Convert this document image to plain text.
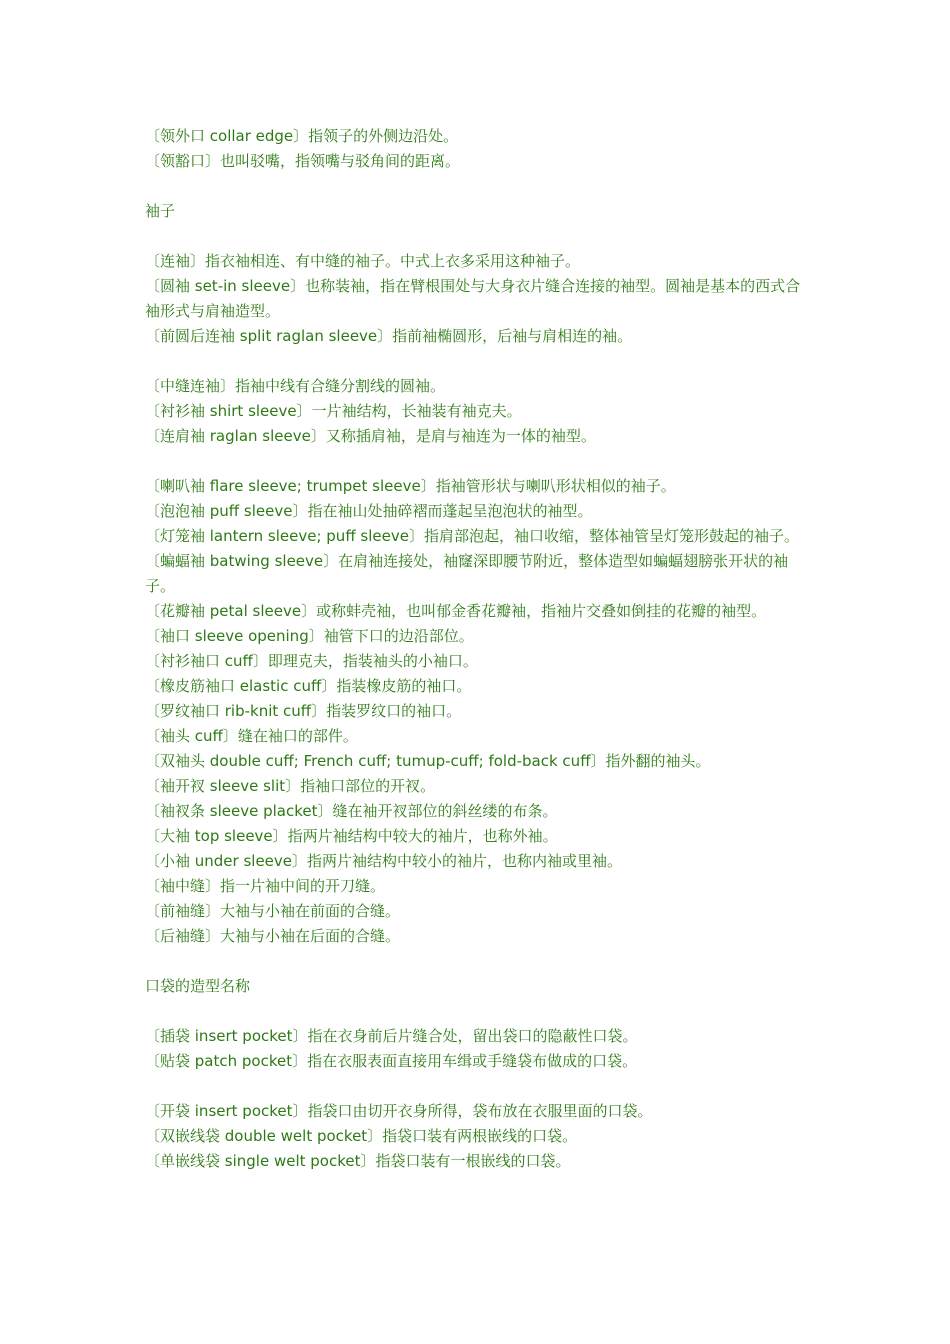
〔领外口 collar edge〕指领子的外侧边沿处。
〔领豁口〕也叫驳嘴，指领嘴与驳角间的距离。
袖子
〔连袖〕指衣袖相连、有中缝的袖子。中式上衣多采用这种袖子。
〔圆袖 set-in sleeve〕也称装袖，指在臂根围处与大身衣片缝合连接的袖型。圆袖是基本的西式合袖形式与肩袖造型。
〔前圆后连袖 split raglan sleeve〕指前袖椭圆形，后袖与肩相连的袖。
〔中缝连袖〕指袖中线有合缝分割线的圆袖。
〔衬衫袖 shirt sleeve〕一片袖结构，长袖装有袖克夫。
〔连肩袖 raglan sleeve〕又称插肩袖，是肩与袖连为一体的袖型。
〔喇叭袖 flare sleeve; trumpet sleeve〕指袖管形状与喇叭形状相似的袖子。
〔泡泡袖 puff sleeve〕指在袖山处抽碎褶而蓬起呈泡泡状的袖型。
〔灯笼袖 lantern sleeve; puff sleeve〕指肩部泡起，袖口收缩，整体袖管呈灯笼形鼓起的袖子。
〔蝙蝠袖 batwing sleeve〕在肩袖连接处，袖窿深即腰节附近，整体造型如蝙蝠翅膀张开状的袖子。
〔花瓣袖 petal sleeve〕或称蚌壳袖，也叫郁金香花瓣袖，指袖片交叠如倒挂的花瓣的袖型。
〔袖口 sleeve opening〕袖管下口的边沿部位。
〔衬衫袖口 cuff〕即理克夫，指装袖头的小袖口。
〔橡皮筋袖口 elastic cuff〕指装橡皮筋的袖口。
〔罗纹袖口 rib-knit cuff〕指装罗纹口的袖口。
〔袖头 cuff〕缝在袖口的部件。
〔双袖头 double cuff; French cuff; tumup-cuff; fold-back cuff〕指外翻的袖头。
〔袖开衩 sleeve slit〕指袖口部位的开衩。
〔袖衩条 sleeve placket〕缝在袖开衩部位的斜丝缕的布条。
〔大袖 top sleeve〕指两片袖结构中较大的袖片，也称外袖。
〔小袖 under sleeve〕指两片袖结构中较小的袖片，也称内袖或里袖。
〔袖中缝〕指一片袖中间的开刀缝。
〔前袖缝〕大袖与小袖在前面的合缝。
〔后袖缝〕大袖与小袖在后面的合缝。
口袋的造型名称
〔插袋 insert pocket〕指在衣身前后片缝合处，留出袋口的隐蔽性口袋。
〔贴袋 patch pocket〕指在衣服表面直接用车缉或手缝袋布做成的口袋。
〔开袋 insert pocket〕指袋口由切开衣身所得，袋布放在衣服里面的口袋。
〔双嵌线袋 double welt pocket〕指袋口装有两根嵌线的口袋。
〔单嵌线袋 single welt pocket〕指袋口装有一根嵌线的口袋。
